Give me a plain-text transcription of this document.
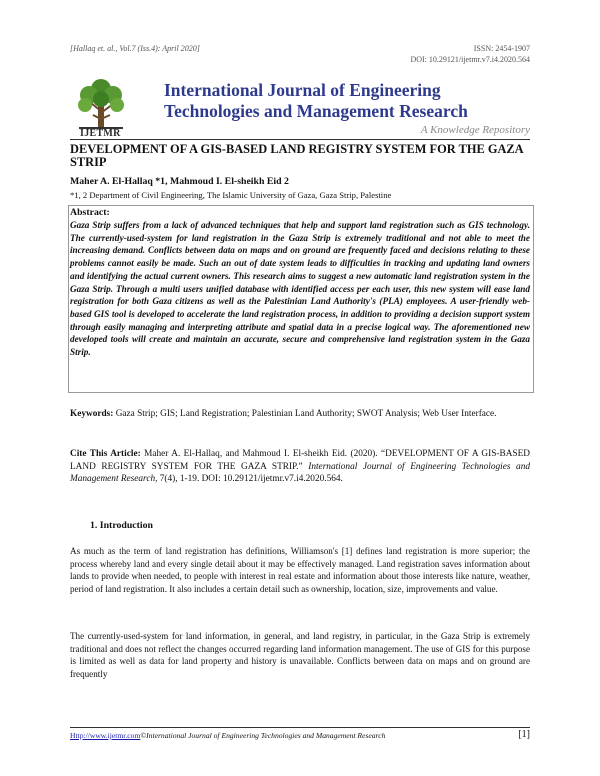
[Hallaq et. al., Vol.7 (Iss.4): April 2020]	ISSN: 2454-1907
DOI: 10.29121/ijetmr.v7.i4.2020.564
IJETMR
International Journal of Engineering
Technologies and Management Research
A Knowledge Repository
DEVELOPMENT OF A GIS-BASED LAND REGISTRY SYSTEM FOR THE GAZA STRIP
Maher A. El-Hallaq *1, Mahmoud I. El-sheikh Eid 2
*1, 2 Department of Civil Engineering, The Islamic University of Gaza, Gaza Strip, Palestine
Abstract:
Gaza Strip suffers from a lack of advanced techniques that help and support land registration such as GIS technology. The currently-used-system for land registration in the Gaza Strip is extremely traditional and not able to meet the increasing demand. Conflicts between data on maps and on ground are frequently faced and decisions relating to these problems cannot easily be made. Such an out of date system leads to difficulties in tracking and updating land owners and identifying the actual current owners. This research aims to suggest a new automatic land registration system in the Gaza Strip. Through a multi users unified database with identified access per each user, this new system will ease land registration for both Gaza citizens as well as the Palestinian Land Authority's (PLA) employees. A user-friendly web-based GIS tool is developed to accelerate the land registration process, in addition to providing a decision support system through easily managing and interpreting attribute and spatial data in a precise logical way. The aforementioned new developed tools will create and maintain an accurate, secure and comprehensive land registration system in the Gaza Strip.
Keywords: Gaza Strip; GIS; Land Registration; Palestinian Land Authority; SWOT Analysis; Web User Interface.
Cite This Article: Maher A. El-Hallaq, and Mahmoud I. El-sheikh Eid. (2020). “DEVELOPMENT OF A GIS-BASED LAND REGISTRY SYSTEM FOR THE GAZA STRIP.” International Journal of Engineering Technologies and Management Research, 7(4), 1-19. DOI: 10.29121/ijetmr.v7.i4.2020.564.
1. Introduction
As much as the term of land registration has definitions, Williamson's [1] defines land registration is more superior; the process whereby land and every single detail about it may be effectively managed. Land registration saves information about lands to provide when needed, to people with interest in real estate and information about those interests like nature, weather, period of land registration. It also includes a certain detail such as ownership, location, size, improvements and value.
The currently-used-system for land information, in general, and land registry, in particular, in the Gaza Strip is extremely traditional and does not reflect the changes occurred regarding land information management. The use of GIS for this purpose is limited as well as data for land property and history is unavailable. Conflicts between data on maps and on ground are frequently
Http://www.ijetmr.com©International Journal of Engineering Technologies and Management Research	[1]
